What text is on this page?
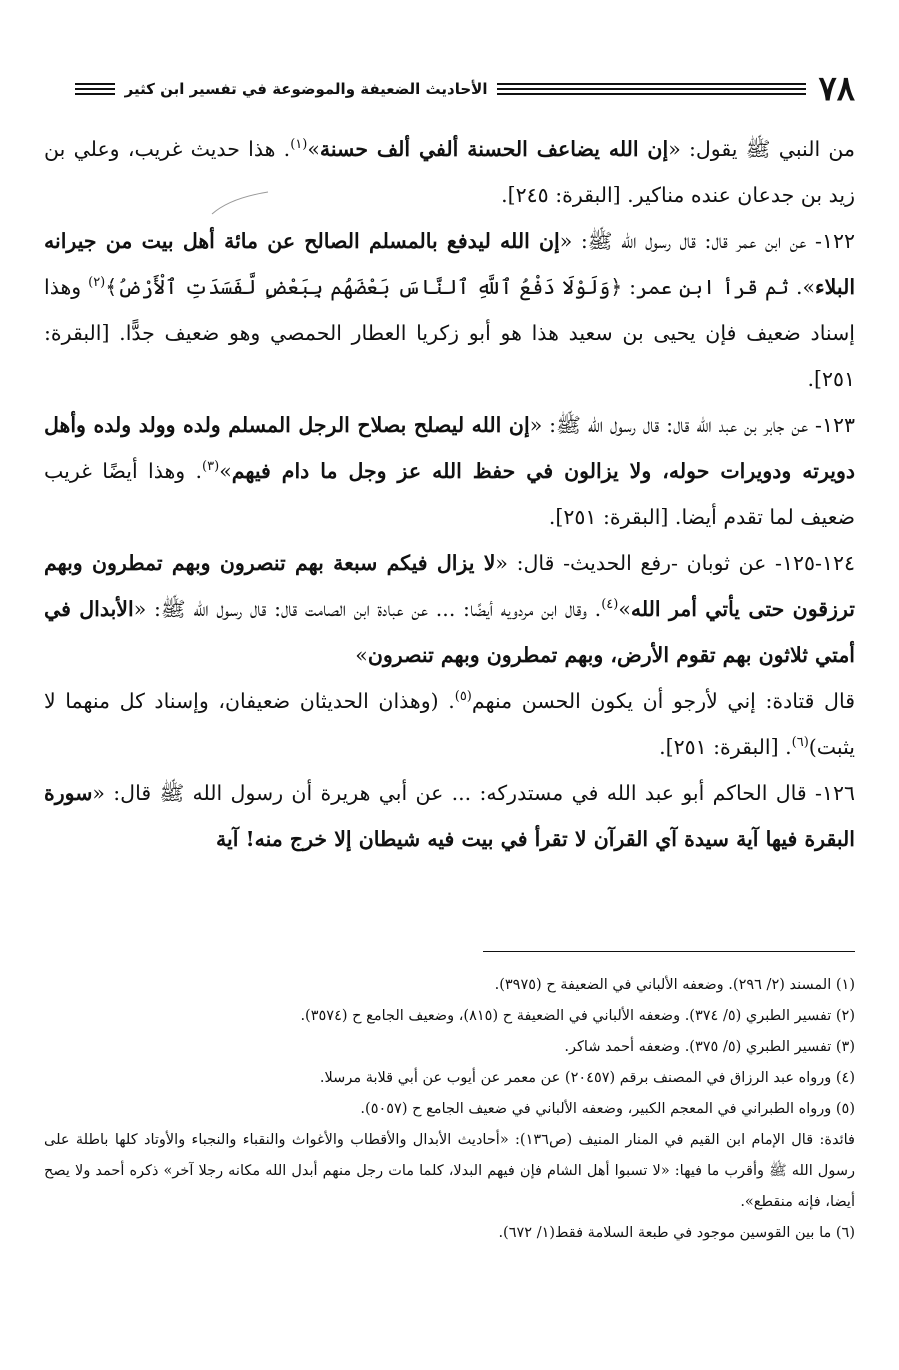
٧٨
الأحاديث الضعيفة والموضوعة في تفسير ابن كثير

من النبي ﷺ يقول: «إن الله يضاعف الحسنة ألفي ألف حسنة»$^{(١)}$. هذا حديث غريب، وعلي بن زيد بن جدعان عنده مناكير. [البقرة: ٢٤٥].

١٢٢- عن ابن عمر قال: قال رسول الله ﷺ: «إن الله ليدفع بالمسلم الصالح عن مائة أهل بيت من جيرانه البلاء». ثم قرأ ابن عمر: ﴿وَلَوْلَا دَفْعُ ٱللَّهِ ٱلنَّاسَ بَعْضَهُم بِبَعْضٍ لَّفَسَدَتِ ٱلْأَرْضُ﴾$^{(٢)}$ وهذا إسناد ضعيف فإن يحيى بن سعيد هذا هو أبو زكريا العطار الحمصي وهو ضعيف جدًّا. [البقرة: ٢٥١].

١٢٣- عن جابر بن عبد الله قال: قال رسول الله ﷺ: «إن الله ليصلح بصلاح الرجل المسلم ولده وولد ولده وأهل دويرته ودويرات حوله، ولا يزالون في حفظ الله عز وجل ما دام فيهم»$^{(٣)}$. وهذا أيضًا غريب ضعيف لما تقدم أيضا. [البقرة: ٢٥١].

١٢٤-١٢٥- عن ثوبان -رفع الحديث- قال: «لا يزال فيكم سبعة بهم تنصرون وبهم تمطرون وبهم ترزقون حتى يأتي أمر الله»$^{(٤)}$. وقال ابن مردويه أيضًا: ... عن عبادة ابن الصامت قال: قال رسول الله ﷺ: «الأبدال في أمتي ثلاثون بهم تقوم الأرض، وبهم تمطرون وبهم تنصرون»

قال قتادة: إني لأرجو أن يكون الحسن منهم$^{(٥)}$. (وهذان الحديثان ضعيفان، وإسناد كل منهما لا يثبت)$^{(٦)}$. [البقرة: ٢٥١].

١٢٦- قال الحاكم أبو عبد الله في مستدركه: ... عن أبي هريرة أن رسول الله ﷺ قال: «سورة البقرة فيها آية سيدة آي القرآن لا تقرأ في بيت فيه شيطان إلا خرج منه! آية

(١) المسند (٢/ ٢٩٦). وضعفه الألباني في الضعيفة ح (٣٩٧٥).

(٢) تفسير الطبري (٥/ ٣٧٤). وضعفه الألباني في الضعيفة ح (٨١٥)، وضعيف الجامع ح (٣٥٧٤).

(٣) تفسير الطبري (٥/ ٣٧٥). وضعفه أحمد شاكر.

(٤) ورواه عبد الرزاق في المصنف برقم (٢٠٤٥٧) عن معمر عن أيوب عن أبي قلابة مرسلا.

(٥) ورواه الطبراني في المعجم الكبير، وضعفه الألباني في ضعيف الجامع ح (٥٠٥٧).

فائدة: قال الإمام ابن القيم في المنار المنيف (ص١٣٦): «أحاديث الأبدال والأقطاب والأغواث والنقباء والنجباء والأوتاد كلها باطلة على رسول الله ﷺ وأقرب ما فيها: «لا تسبوا أهل الشام فإن فيهم البدلا، كلما مات رجل منهم أبدل الله مكانه رجلا آخر» ذكره أحمد ولا يصح أيضا، فإنه منقطع».

(٦) ما بين القوسين موجود في طبعة السلامة فقط(١/ ٦٧٢).
